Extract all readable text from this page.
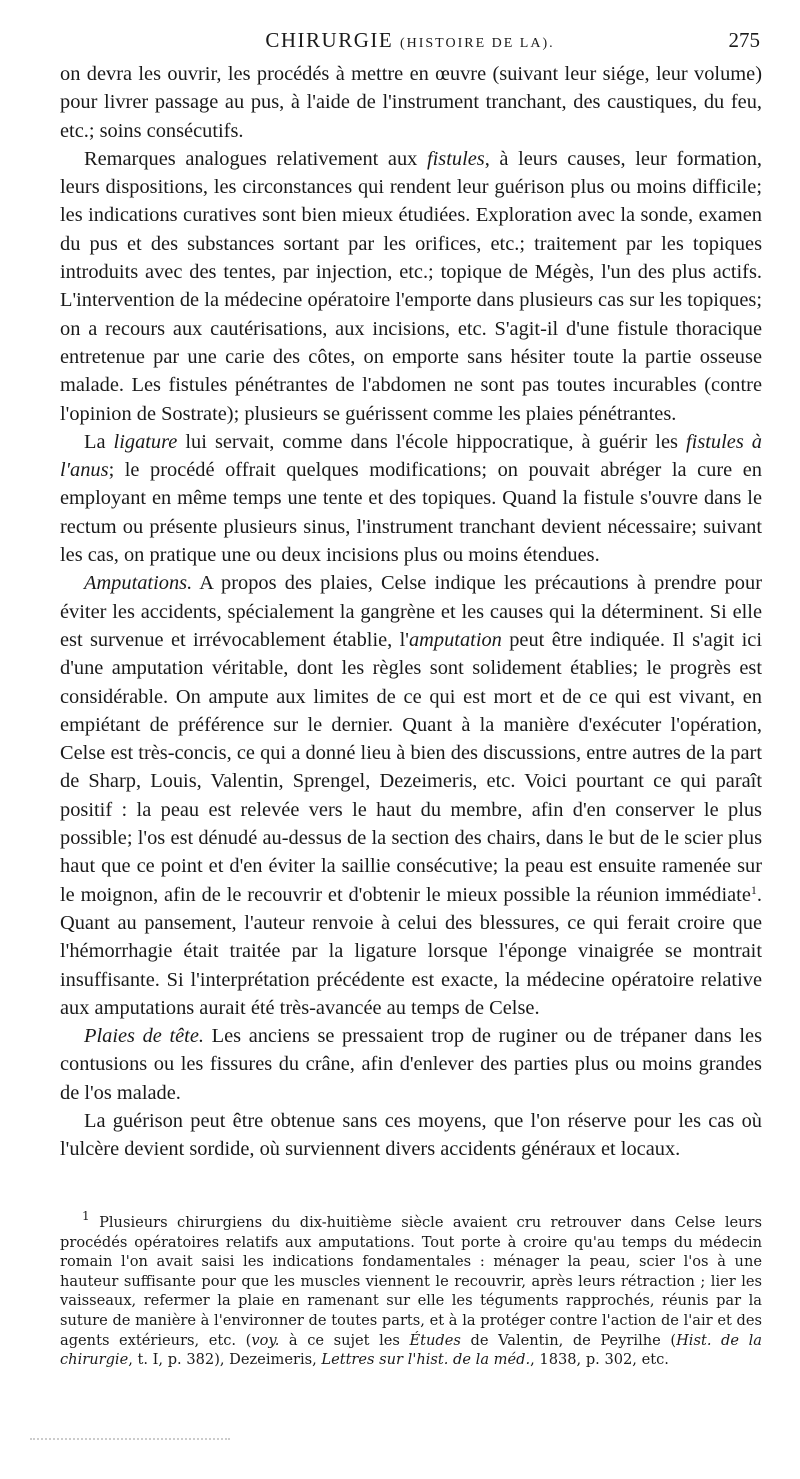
CHIRURGIE (HISTOIRE DE LA).	275

on devra les ouvrir, les procédés à mettre en œuvre (suivant leur siége, leur volume) pour livrer passage au pus, à l'aide de l'instrument tranchant, des caustiques, du feu, etc.; soins consécutifs.

Remarques analogues relativement aux fistules, à leurs causes, leur formation, leurs dispositions, les circonstances qui rendent leur guérison plus ou moins difficile; les indications curatives sont bien mieux étudiées. Exploration avec la sonde, examen du pus et des substances sortant par les orifices, etc.; traitement par les topiques introduits avec des tentes, par injection, etc.; topique de Mégès, l'un des plus actifs. L'intervention de la médecine opératoire l'emporte dans plusieurs cas sur les topiques; on a recours aux cautérisations, aux incisions, etc. S'agit-il d'une fistule thoracique entretenue par une carie des côtes, on emporte sans hésiter toute la partie osseuse malade. Les fistules pénétrantes de l'abdomen ne sont pas toutes incurables (contre l'opinion de Sostrate); plusieurs se guérissent comme les plaies pénétrantes.

La ligature lui servait, comme dans l'école hippocratique, à guérir les fistules à l'anus; le procédé offrait quelques modifications; on pouvait abréger la cure en employant en même temps une tente et des topiques. Quand la fistule s'ouvre dans le rectum ou présente plusieurs sinus, l'instrument tranchant devient nécessaire; suivant les cas, on pratique une ou deux incisions plus ou moins étendues.

Amputations. A propos des plaies, Celse indique les précautions à prendre pour éviter les accidents, spécialement la gangrène et les causes qui la déterminent. Si elle est survenue et irrévocablement établie, l'amputation peut être indiquée. Il s'agit ici d'une amputation véritable, dont les règles sont solidement établies; le progrès est considérable. On ampute aux limites de ce qui est mort et de ce qui est vivant, en empiétant de préférence sur le dernier. Quant à la manière d'exécuter l'opération, Celse est très-concis, ce qui a donné lieu à bien des discussions, entre autres de la part de Sharp, Louis, Valentin, Sprengel, Dezeimeris, etc. Voici pourtant ce qui paraît positif : la peau est relevée vers le haut du membre, afin d'en conserver le plus possible; l'os est dénudé au-dessus de la section des chairs, dans le but de le scier plus haut que ce point et d'en éviter la saillie consécutive; la peau est ensuite ramenée sur le moignon, afin de le recouvrir et d'obtenir le mieux possible la réunion immédiate$^1$. Quant au pansement, l'auteur renvoie à celui des blessures, ce qui ferait croire que l'hémorrhagie était traitée par la ligature lorsque l'éponge vinaigrée se montrait insuffisante. Si l'interprétation précédente est exacte, la médecine opératoire relative aux amputations aurait été très-avancée au temps de Celse.

Plaies de tête. Les anciens se pressaient trop de ruginer ou de trépaner dans les contusions ou les fissures du crâne, afin d'enlever des parties plus ou moins grandes de l'os malade.

La guérison peut être obtenue sans ces moyens, que l'on réserve pour les cas où l'ulcère devient sordide, où surviennent divers accidents généraux et locaux.

$^1$ Plusieurs chirurgiens du dix-huitième siècle avaient cru retrouver dans Celse leurs procédés opératoires relatifs aux amputations. Tout porte à croire qu'au temps du médecin romain l'on avait saisi les indications fondamentales : ménager la peau, scier l'os à une hauteur suffisante pour que les muscles viennent le recouvrir, après leurs rétraction ; lier les vaisseaux, refermer la plaie en ramenant sur elle les téguments rapprochés, réunis par la suture de manière à l'environner de toutes parts, et à la protéger contre l'action de l'air et des agents extérieurs, etc. (voy. à ce sujet les Études de Valentin, de Peyrilhe (Hist. de la chirurgie, t. I, p. 382), Dezeimeris, Lettres sur l'hist. de la méd., 1838, p. 302, etc.
